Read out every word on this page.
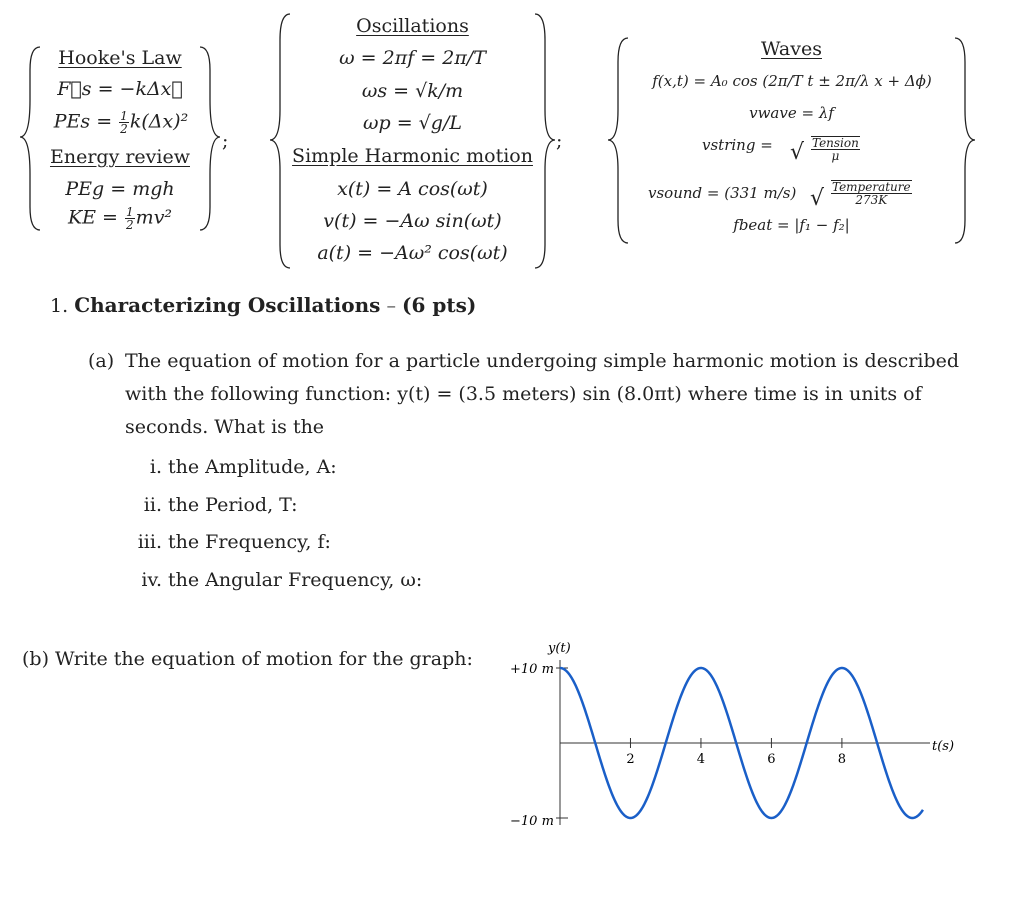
Hooke's Law
F⃗s = −kΔx⃗
PEs = $\frac{1}{2} k(\Delta x)^2$
Energy review
PEg = mgh
KE = $\frac{1}{2} mv^2$
;
Oscillations
ω = 2πf = 2π/T
ωs = √k/m
ωp = √g/L
Simple Harmonic motion
x(t) = A cos(ωt)
v(t) = −Aω sin(ωt)
a(t) = −Aω² cos(ωt)
;
Waves
f(x,t) = A₀ cos (2π/T t ± 2π/λ x + Δϕ)
vwave = λf
vstring = √ Tension
μ
vsound = (331 m/s) √ Temperature
273K
fbeat = |f₁ − f₂|
1. Characterizing Oscillations – (6 pts)
(a) The equation of motion for a particle undergoing simple harmonic motion is described
with the following function: y(t) = (3.5 meters) sin (8.0πt) where time is in units of
seconds. What is the
i. the Amplitude, A:
ii. the Period, T:
iii. the Frequency, f:
iv. the Angular Frequency, ω:
(b) Write the equation of motion for the graph:	y(t)
t(s)
+10 m
−10 m
2	4	6	8
